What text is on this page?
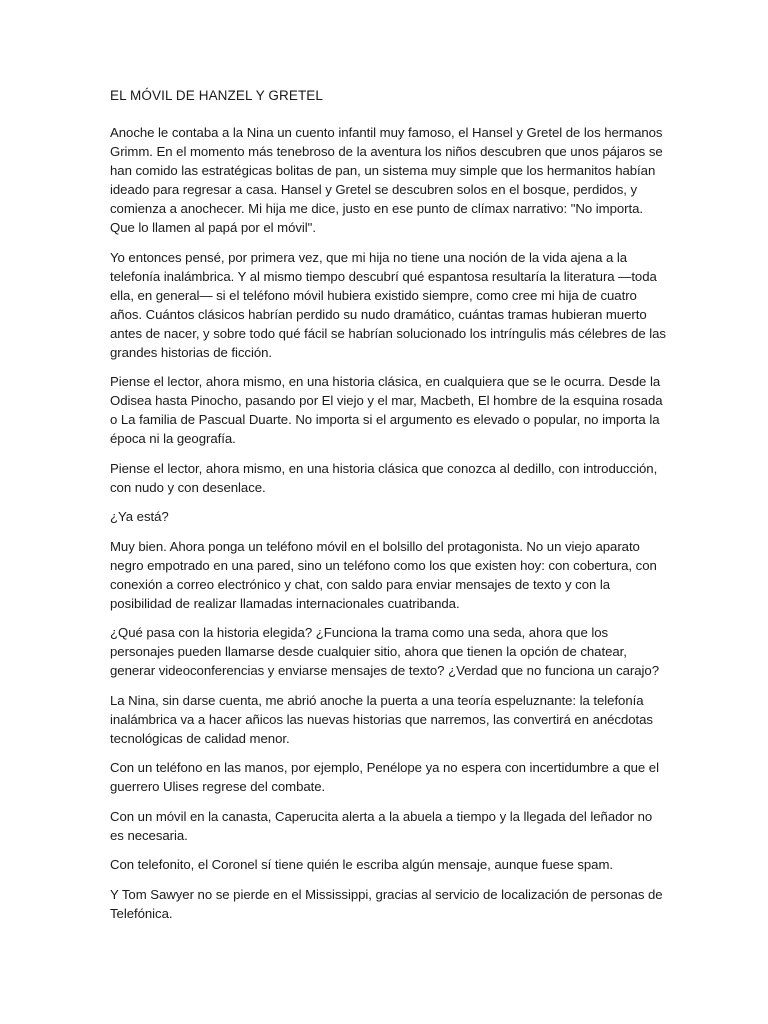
EL MÓVIL DE HANZEL Y GRETEL

Anoche le contaba a la Nina un cuento infantil muy famoso, el Hansel y Gretel de los hermanos
Grimm. En el momento más tenebroso de la aventura los niños descubren que unos pájaros se
han comido las estratégicas bolitas de pan, un sistema muy simple que los hermanitos habían
ideado para regresar a casa. Hansel y Gretel se descubren solos en el bosque, perdidos, y
comienza a anochecer. Mi hija me dice, justo en ese punto de clímax narrativo: "No importa.
Que lo llamen al papá por el móvil".

Yo entonces pensé, por primera vez, que mi hija no tiene una noción de la vida ajena a la
telefonía inalámbrica. Y al mismo tiempo descubrí qué espantosa resultaría la literatura —toda
ella, en general— si el teléfono móvil hubiera existido siempre, como cree mi hija de cuatro
años. Cuántos clásicos habrían perdido su nudo dramático, cuántas tramas hubieran muerto
antes de nacer, y sobre todo qué fácil se habrían solucionado los intríngulis más célebres de las
grandes historias de ficción.

Piense el lector, ahora mismo, en una historia clásica, en cualquiera que se le ocurra. Desde la
Odisea hasta Pinocho, pasando por El viejo y el mar, Macbeth, El hombre de la esquina rosada
o La familia de Pascual Duarte. No importa si el argumento es elevado o popular, no importa la
época ni la geografía.

Piense el lector, ahora mismo, en una historia clásica que conozca al dedillo, con introducción,
con nudo y con desenlace.

¿Ya está?

Muy bien. Ahora ponga un teléfono móvil en el bolsillo del protagonista. No un viejo aparato
negro empotrado en una pared, sino un teléfono como los que existen hoy: con cobertura, con
conexión a correo electrónico y chat, con saldo para enviar mensajes de texto y con la
posibilidad de realizar llamadas internacionales cuatribanda.

¿Qué pasa con la historia elegida? ¿Funciona la trama como una seda, ahora que los
personajes pueden llamarse desde cualquier sitio, ahora que tienen la opción de chatear,
generar videoconferencias y enviarse mensajes de texto? ¿Verdad que no funciona un carajo?

La Nina, sin darse cuenta, me abrió anoche la puerta a una teoría espeluznante: la telefonía
inalámbrica va a hacer añicos las nuevas historias que narremos, las convertirá en anécdotas
tecnológicas de calidad menor.

Con un teléfono en las manos, por ejemplo, Penélope ya no espera con incertidumbre a que el
guerrero Ulises regrese del combate.

Con un móvil en la canasta, Caperucita alerta a la abuela a tiempo y la llegada del leñador no
es necesaria.

Con telefonito, el Coronel sí tiene quién le escriba algún mensaje, aunque fuese spam.

Y Tom Sawyer no se pierde en el Mississippi, gracias al servicio de localización de personas de
Telefónica.
